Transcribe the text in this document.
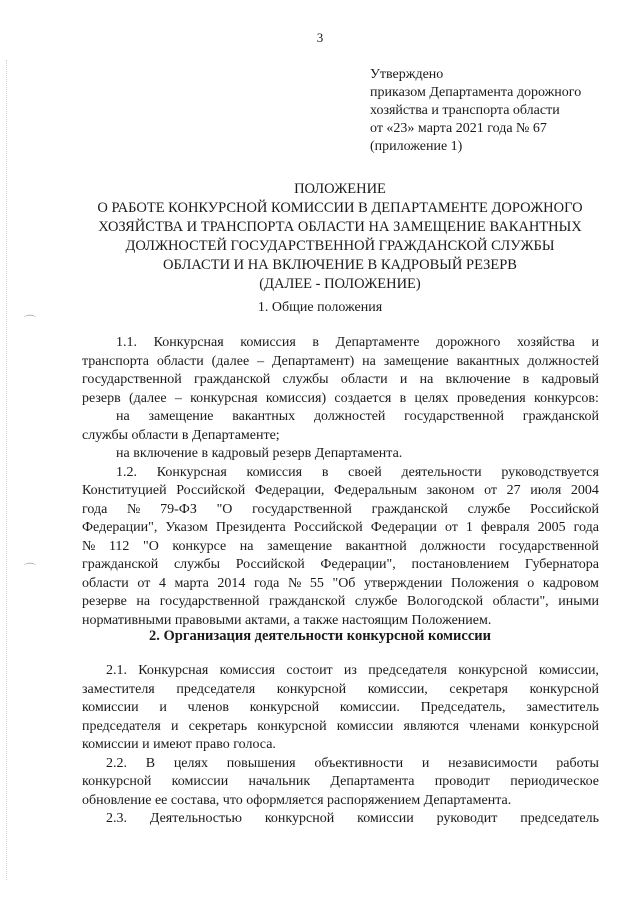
⌒
⌒
3
Утверждено
приказом Департамента дорожного
хозяйства и транспорта области
от «23» марта 2021 года № 67
(приложение 1)
ПОЛОЖЕНИЕ
О РАБОТЕ КОНКУРСНОЙ КОМИССИИ В ДЕПАРТАМЕНТЕ ДОРОЖНОГО
ХОЗЯЙСТВА И ТРАНСПОРТА ОБЛАСТИ НА ЗАМЕЩЕНИЕ ВАКАНТНЫХ
ДОЛЖНОСТЕЙ ГОСУДАРСТВЕННОЙ ГРАЖДАНСКОЙ СЛУЖБЫ
ОБЛАСТИ И НА ВКЛЮЧЕНИЕ В КАДРОВЫЙ РЕЗЕРВ
(ДАЛЕЕ - ПОЛОЖЕНИЕ)
1. Общие положения
1.1. Конкурсная комиссия в Департаменте дорожного хозяйства и
транспорта области (далее – Департамент) на замещение вакантных должностей
государственной гражданской службы области и на включение в кадровый
резерв (далее – конкурсная комиссия) создается в целях проведения конкурсов:
на замещение вакантных должностей государственной гражданской
службы области в Департаменте;
на включение в кадровый резерв Департамента.
1.2. Конкурсная комиссия в своей деятельности руководствуется
Конституцией Российской Федерации, Федеральным законом от 27 июля 2004
года № 79-ФЗ "О государственной гражданской службе Российской
Федерации", Указом Президента Российской Федерации от 1 февраля 2005 года
№ 112 "О конкурсе на замещение вакантной должности государственной
гражданской службы Российской Федерации", постановлением Губернатора
области от 4 марта 2014 года № 55 "Об утверждении Положения о кадровом
резерве на государственной гражданской службе Вологодской области", иными
нормативными правовыми актами, а также настоящим Положением.
2. Организация деятельности конкурсной комиссии
2.1. Конкурсная комиссия состоит из председателя конкурсной комиссии,
заместителя председателя конкурсной комиссии, секретаря конкурсной
комиссии и членов конкурсной комиссии. Председатель, заместитель
председателя и секретарь конкурсной комиссии являются членами конкурсной
комиссии и имеют право голоса.
2.2. В целях повышения объективности и независимости работы
конкурсной комиссии начальник Департамента проводит периодическое
обновление ее состава, что оформляется распоряжением Департамента.
2.3. Деятельностью конкурсной комиссии руководит председатель
